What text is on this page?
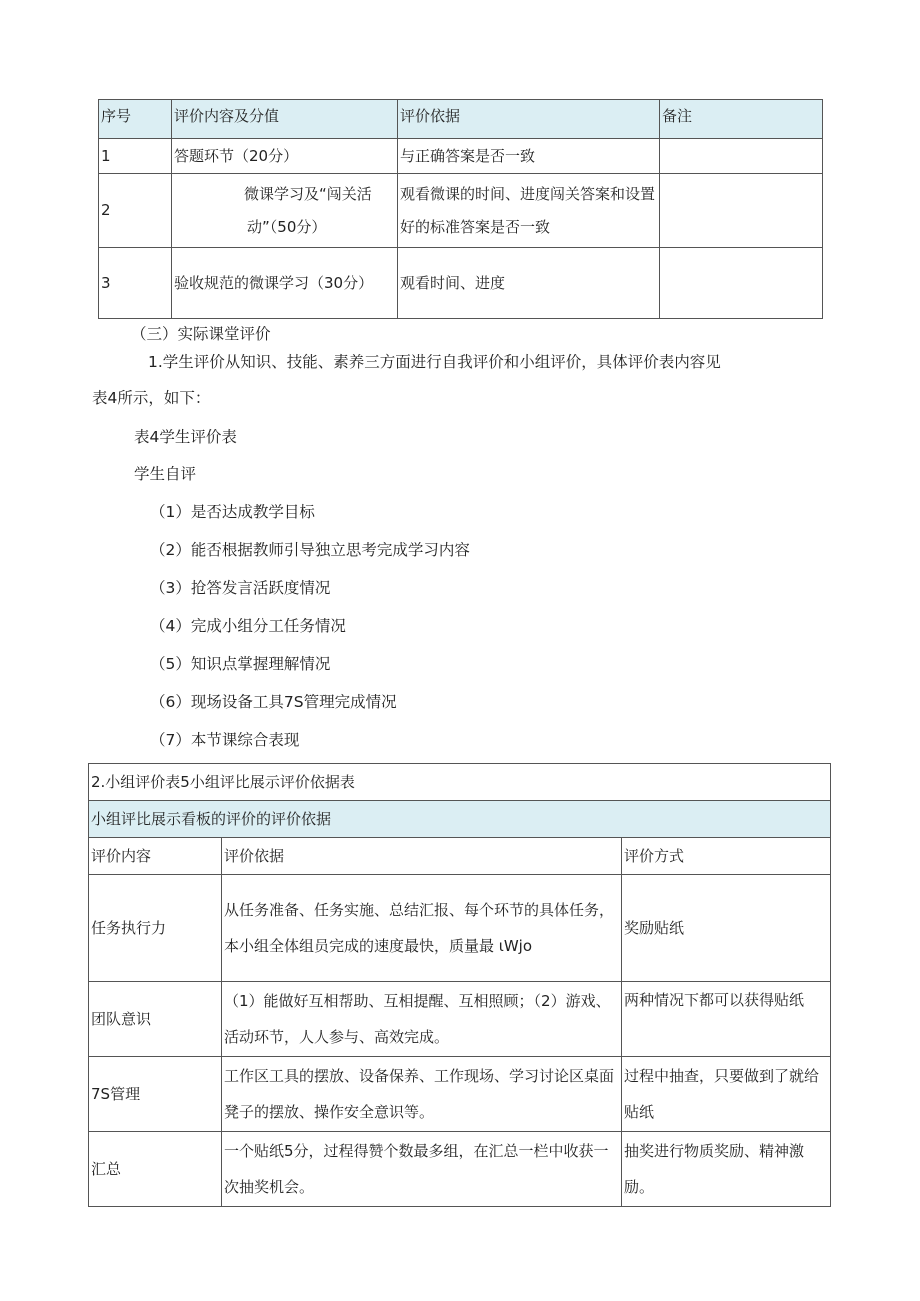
序号	评价内容及分值	评价依据	备注
1	答题环节（20分）	与正确答案是否一致	
2	微课学习及“闯关活动”（50分）	观看微课的时间、进度闯关答案和设置好的标准答案是否一致	
3	验收规范的微课学习（30分）	观看时间、进度	
（三）实际课堂评价
1.学生评价从知识、技能、素养三方面进行自我评价和小组评价，具体评价表内容见
表4所示，如下：
表4学生评价表
学生自评
（1）是否达成教学目标
（2）能否根据教师引导独立思考完成学习内容
（3）抢答发言活跃度情况
（4）完成小组分工任务情况
（5）知识点掌握理解情况
（6）现场设备工具7S管理完成情况
（7）本节课综合表现
2.小组评价表5小组评比展示评价依据表		
小组评比展示看板的评价的评价依据		
评价内容	评价依据	评价方式
任务执行力	从任务准备、任务实施、总结汇报、每个环节的具体任务，本小组全体组员完成的速度最快，质量最 ιWjo	奖励贴纸
团队意识	（1）能做好互相帮助、互相提醒、互相照顾；（2）游戏、活动环节，人人参与、高效完成。	两种情况下都可以获得贴纸
7S管理	工作区工具的摆放、设备保养、工作现场、学习讨论区桌面凳子的摆放、操作安全意识等。	过程中抽查，只要做到了就给贴纸
汇总	一个贴纸5分，过程得赞个数最多组，在汇总一栏中收获一次抽奖机会。	抽奖进行物质奖励、精神激励。
